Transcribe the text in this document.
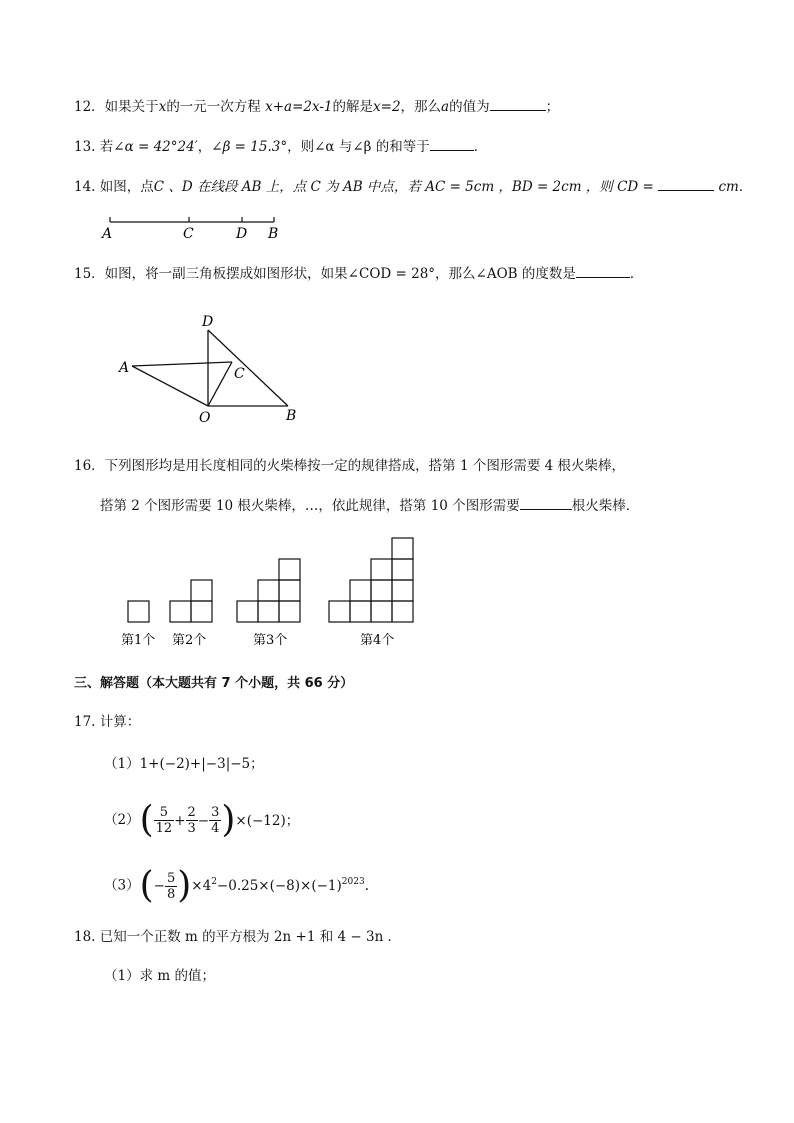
12．如果关于x的一元一次方程 x+a=2x-1的解是x=2，那么a的值为	；
13. 若∠α = 42°24′，∠β = 15.3°，则∠α 与∠β 的和等于	．
14. 如图，点C 、D 在线段 AB 上，点 C 为 AB 中点，若 AC = 5cm ，BD = 2cm ，则 CD =	cm．
A	C	D B
15．如图，将一副三角板摆成如图形状，如果∠COD = 28°，那么∠AOB 的度数是	．
D
A	C
O	B
16．下列图形均是用长度相同的火柴棒按一定的规律搭成，搭第 1 个图形需要 4 根火柴棒，
搭第 2 个图形需要 10 根火柴棒，…，依此规律，搭第 10 个图形需要	根火柴棒．
第1个 第2个	第3个	第4个
三、解答题（本大题共有 7 个小题，共 66 分）
17. 计算：
（1）1+(−2)+|−3|−5；
$(2)( \frac{5}{12} + \frac{2}{3} - \frac{3}{4} )\times(-12)$；
$(3)(- \frac{5}{8} )\times 4^2-0.25\times(-8)\times(-1)^{2023}$.
18. 已知一个正数 m 的平方根为 2n +1 和 4 − 3n ．
（1）求 m 的值；
